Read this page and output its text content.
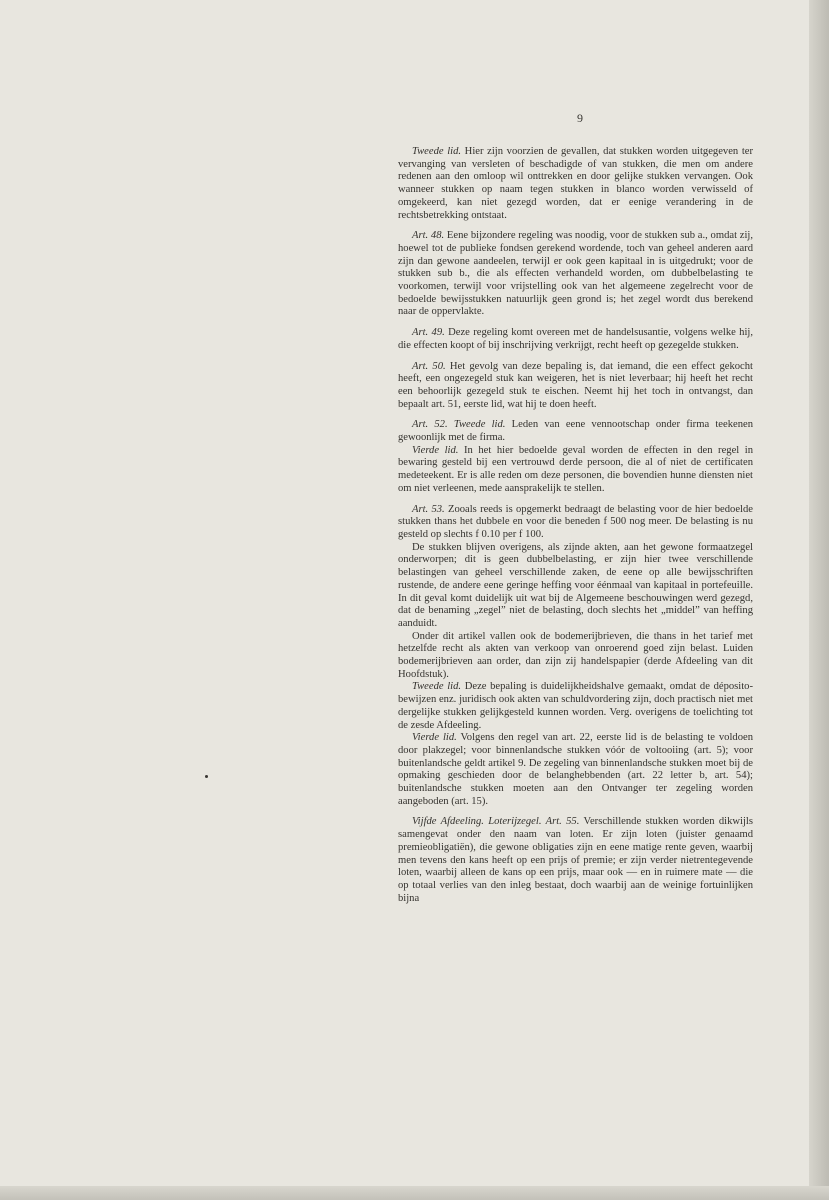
9

Tweede lid. Hier zijn voorzien de gevallen, dat stukken worden uitgegeven ter vervanging van versleten of beschadigde of van stukken, die men om andere redenen aan den omloop wil onttrekken en door gelijke stukken vervangen. Ook wanneer stukken op naam tegen stukken in blanco worden verwisseld of omgekeerd, kan niet gezegd worden, dat er eenige verandering in de rechtsbetrekking ontstaat.

Art. 48. Eene bijzondere regeling was noodig, voor de stukken sub a., omdat zij, hoewel tot de publieke fondsen gerekend wordende, toch van geheel anderen aard zijn dan gewone aandeelen, terwijl er ook geen kapitaal in is uitgedrukt; voor de stukken sub b., die als effecten verhandeld worden, om dubbelbelasting te voorkomen, terwijl voor vrijstelling ook van het algemeene zegelrecht voor de bedoelde bewijsstukken natuurlijk geen grond is; het zegel wordt dus berekend naar de oppervlakte.

Art. 49. Deze regeling komt overeen met de handelsusantie, volgens welke hij, die effecten koopt of bij inschrijving verkrijgt, recht heeft op gezegelde stukken.

Art. 50. Het gevolg van deze bepaling is, dat iemand, die een effect gekocht heeft, een ongezegeld stuk kan weigeren, het is niet leverbaar; hij heeft het recht een behoorlijk gezegeld stuk te eischen. Neemt hij het toch in ontvangst, dan bepaalt art. 51, eerste lid, wat hij te doen heeft.

Art. 52. Tweede lid. Leden van eene vennootschap onder firma teekenen gewoonlijk met de firma.

Vierde lid. In het hier bedoelde geval worden de effecten in den regel in bewaring gesteld bij een vertrouwd derde persoon, die al of niet de certificaten medeteekent. Er is alle reden om deze personen, die bovendien hunne diensten niet om niet verleenen, mede aansprakelijk te stellen.

Art. 53. Zooals reeds is opgemerkt bedraagt de belasting voor de hier bedoelde stukken thans het dubbele en voor die beneden f 500 nog meer. De belasting is nu gesteld op slechts f 0.10 per f 100.

De stukken blijven overigens, als zijnde akten, aan het gewone formaatzegel onderworpen; dit is geen dubbelbelasting, er zijn hier twee verschillende belastingen van geheel verschillende zaken, de eene op alle bewijsschriften rustende, de andere eene geringe heffing voor éénmaal van kapitaal in portefeuille. In dit geval komt duidelijk uit wat bij de Algemeene beschouwingen werd gezegd, dat de benaming „zegel” niet de belasting, doch slechts het „middel” van heffing aanduidt.

Onder dit artikel vallen ook de bodemerijbrieven, die thans in het tarief met hetzelfde recht als akten van verkoop van onroerend goed zijn belast. Luiden bodemerijbrieven aan order, dan zijn zij handelspapier (derde Afdeeling van dit Hoofdstuk).

Tweede lid. Deze bepaling is duidelijkheidshalve gemaakt, omdat de déposito-bewijzen enz. juridisch ook akten van schuldvordering zijn, doch practisch niet met dergelijke stukken gelijkgesteld kunnen worden. Verg. overigens de toelichting tot de zesde Afdeeling.

Vierde lid. Volgens den regel van art. 22, eerste lid is de belasting te voldoen door plakzegel; voor binnenlandsche stukken vóór de voltooiing (art. 5); voor buitenlandsche geldt artikel 9. De zegeling van binnenlandsche stukken moet bij de opmaking geschieden door de belanghebbenden (art. 22 letter b, art. 54); buitenlandsche stukken moeten aan den Ontvanger ter zegeling worden aangeboden (art. 15).

Vijfde Afdeeling. Loterijzegel. Art. 55. Verschillende stukken worden dikwijls samengevat onder den naam van loten. Er zijn loten (juister genaamd premieobligatiën), die gewone obligaties zijn en eene matige rente geven, waarbij men tevens den kans heeft op een prijs of premie; er zijn verder nietrentegevende loten, waarbij alleen de kans op een prijs, maar ook — en in ruimere mate — die op totaal verlies van den inleg bestaat, doch waarbij aan de weinige fortuinlijken bijna
